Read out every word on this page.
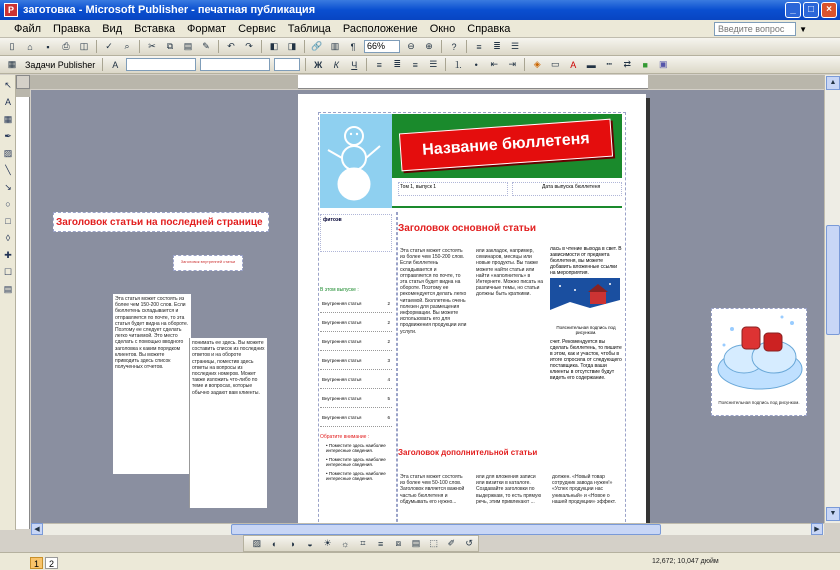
P заготовка - Microsoft Publisher - печатная публикация	_	□	×
Файл	Правка	Вид	Вставка	Формат	Сервис	Таблица	Расположение	Окно	Справка	Введите вопрос	▼
▯	⌂	▪	⎙	◫	✓	⌕	✂	⧉	▤	✎	↶	↷	◧	◨	🔗 ▥	¶	66%	⊖	⊕	?	≡	≣	☰
▦ Задачи Publisher	A	Ж К Ч	≡	≣	≡	☰	⒈	•	⇤	⇥	◈	▭	A	▬	┅	⇄	■	▣
↖
A
▦
✒
▨
╲
↘
○
□
◊
✚
☐
▤
Заголовок статьи на последней странице
Заголовок внутренней статьи
Эта статья может состоять из более чем 150-200 слов. Если бюллетень складывается и отправляется по почте, то эта статья будет видна на обороте. Поэтому ее следует сделать легко читаемой. Это место сделать с помощью вводного заголовка к каким порядком клиентов. Вы можете приводить здесь список полученных отчетов.
понимать ее здесь. Вы можете составить список из последних ответов и на обороте страницы, поместив здесь ответы на вопросы из последних номеров. Может также изложить что-либо по теме и вопросах, которые обычно задают вам клиенты.
Пояснительная подпись под рисунком.
Название бюллетеня
Том 1, выпуск 1	Дата выпуска бюллетеня
фитоэв
В этом выпуске :
Внутренняя статья	2
Внутренняя статья	2
Внутренняя статья	2
Внутренняя статья	3
Внутренняя статья	4
Внутренняя статья	5
Внутренняя статья	6
Обратите внимание :
• Поместите здесь наиболее интересные сведения.
• Поместите здесь наиболее интересные сведения.
• Поместите здесь наиболее интересные сведения.
Заголовок основной статьи
Эта статья может состоять из более чем 150-200 слов. Если бюллетень складывается и отправляется по почте, то эта статья будет видна на обороте. Поэтому ее рекомендуется делать легко читаемой. Бюллетень очень полезен для размещения информации. Вы можете использовать его для продвижения продукции или услуги.
или закладок, например, семинаров, месяцы или новые продукты. Вы также можете найти статьи или найти «наполнитель» в Интернете. Можно писать на различные темы, но статьи должны быть краткими.
лась в чтение выхода в свет. В зависимости от предмета бюллетеня, вы можете добавить вложенные ссылки на мероприятия.
Пояснительная подпись под рисунком.
счет. Рекомендуется вы сделать бюллетень, то пишите в этом, как и участок, чтобы в итоге спросила от следующего поставщика. Тогда ваши клиенты в отсутствие будут видеть его содержание.
Заголовок дополнительной статьи
Эта статья может состоять из более чем 50-100 слов. Заголовок является важной частью бюллетеня и обдумывать его нужно...
или для вложения записи или визитки в каталоге. Создавайте заголовки по выдержкам, то есть прямую речь, этим привлекают ...
должен. «Новый товар сотрудник завода нужен!» «Успех продукции нас уникальный» и «Новое о нашей продукции» эффект.
▲
▼
◀	▶
▨	◐	◑	◒	☀	☼	⌗	≡	⧈	▤	⬚	✐	↺
1	2	12,672; 10,047 дюйм
